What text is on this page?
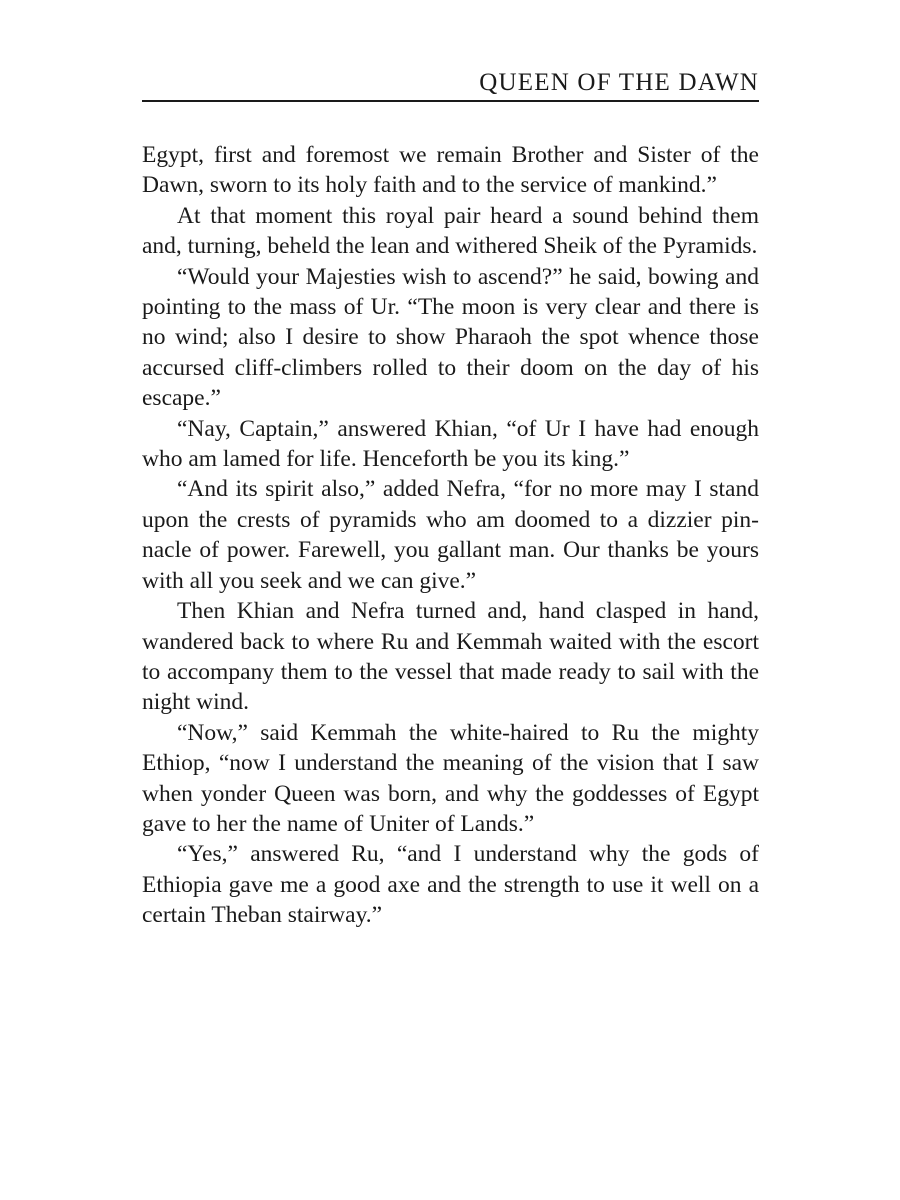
QUEEN OF THE DAWN

Egypt, first and foremost we remain Brother and Sister of the Dawn, sworn to its holy faith and to the service of mankind.”

At that moment this royal pair heard a sound behind them and, turning, beheld the lean and withered Sheik of the Pyramids.

“Would your Majesties wish to ascend?” he said, bowing and pointing to the mass of Ur. “The moon is very clear and there is no wind; also I desire to show Pharaoh the spot whence those accursed cliff-climbers rolled to their doom on the day of his escape.”

“Nay, Captain,” answered Khian, “of Ur I have had enough who am lamed for life. Henceforth be you its king.”

“And its spirit also,” added Nefra, “for no more may I stand upon the crests of pyramids who am doomed to a dizzier pinnacle of power. Farewell, you gallant man. Our thanks be yours with all you seek and we can give.”

Then Khian and Nefra turned and, hand clasped in hand, wandered back to where Ru and Kemmah waited with the escort to accompany them to the vessel that made ready to sail with the night wind.

“Now,” said Kemmah the white-haired to Ru the mighty Ethiop, “now I understand the meaning of the vision that I saw when yonder Queen was born, and why the goddesses of Egypt gave to her the name of Uniter of Lands.”

“Yes,” answered Ru, “and I understand why the gods of Ethiopia gave me a good axe and the strength to use it well on a certain Theban stairway.”
